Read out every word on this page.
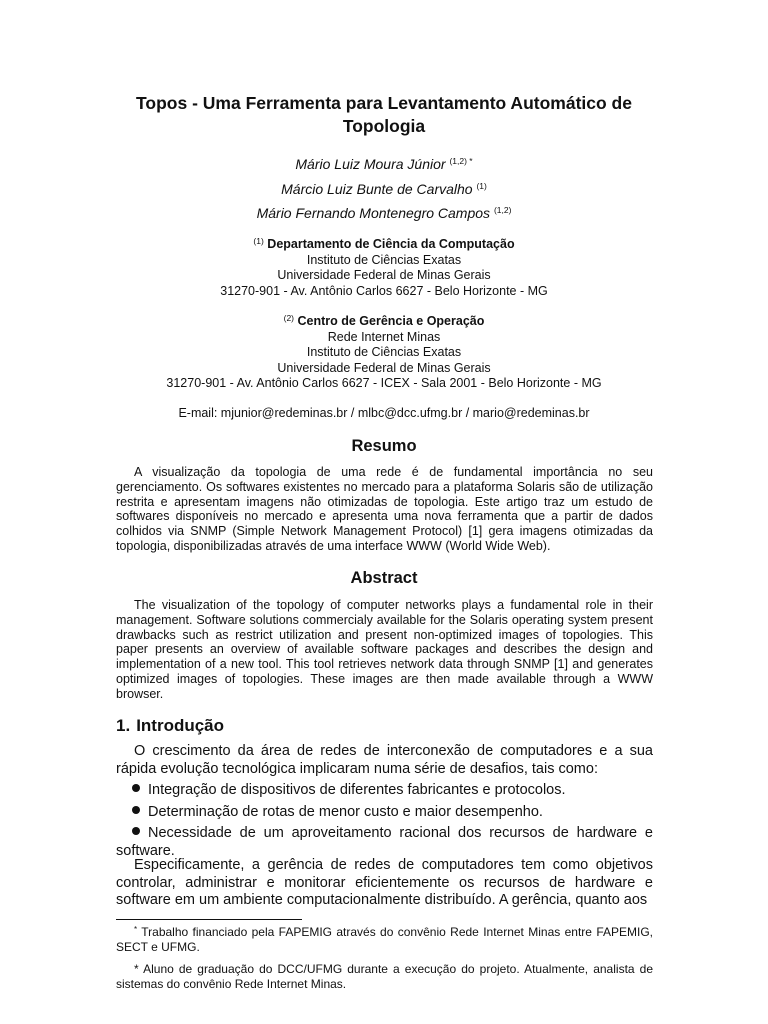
Topos - Uma Ferramenta para Levantamento Automático de Topologia
Mário Luiz Moura Júnior $^{(1,2) *}$
Márcio Luiz Bunte de Carvalho $^{(1)}$
Mário Fernando Montenegro Campos $^{(1,2)}$
$^{(1)}$ Departamento de Ciência da Computação
Instituto de Ciências Exatas
Universidade Federal de Minas Gerais
31270-901 - Av. Antônio Carlos 6627 - Belo Horizonte - MG
$^{(2)}$ Centro de Gerência e Operação
Rede Internet Minas
Instituto de Ciências Exatas
Universidade Federal de Minas Gerais
31270-901 - Av. Antônio Carlos 6627 - ICEX - Sala 2001 - Belo Horizonte - MG
E-mail: mjunior@redeminas.br / mlbc@dcc.ufmg.br / mario@redeminas.br
Resumo
A visualização da topologia de uma rede é de fundamental importância no seu gerenciamento. Os softwares existentes no mercado para a plataforma Solaris são de utilização restrita e apresentam imagens não otimizadas de topologia. Este artigo traz um estudo de softwares disponíveis no mercado e apresenta uma nova ferramenta que a partir de dados colhidos via SNMP (Simple Network Management Protocol) [1] gera imagens otimizadas da topologia, disponibilizadas através de uma interface WWW (World Wide Web).
Abstract
The visualization of the topology of computer networks plays a fundamental role in their management. Software solutions commercialy available for the Solaris operating system present drawbacks such as restrict utilization and present non-optimized images of topologies. This paper presents an overview of available software packages and describes the design and implementation of a new tool. This tool retrieves network data through SNMP [1] and generates optimized images of topologies. These images are then made available through a WWW browser.
1. Introdução
O crescimento da área de redes de interconexão de computadores e a sua rápida evolução tecnológica implicaram numa série de desafios, tais como:
Integração de dispositivos de diferentes fabricantes e protocolos.
Determinação de rotas de menor custo e maior desempenho.
Necessidade de um aproveitamento racional dos recursos de hardware e software.
Especificamente, a gerência de redes de computadores tem como objetivos controlar, administrar e monitorar eficientemente os recursos de hardware e software em um ambiente computacionalmente distribuído. A gerência, quanto aos
* Trabalho financiado pela FAPEMIG através do convênio Rede Internet Minas entre FAPEMIG, SECT e UFMG.
* Aluno de graduação do DCC/UFMG durante a execução do projeto. Atualmente, analista de sistemas do convênio Rede Internet Minas.
